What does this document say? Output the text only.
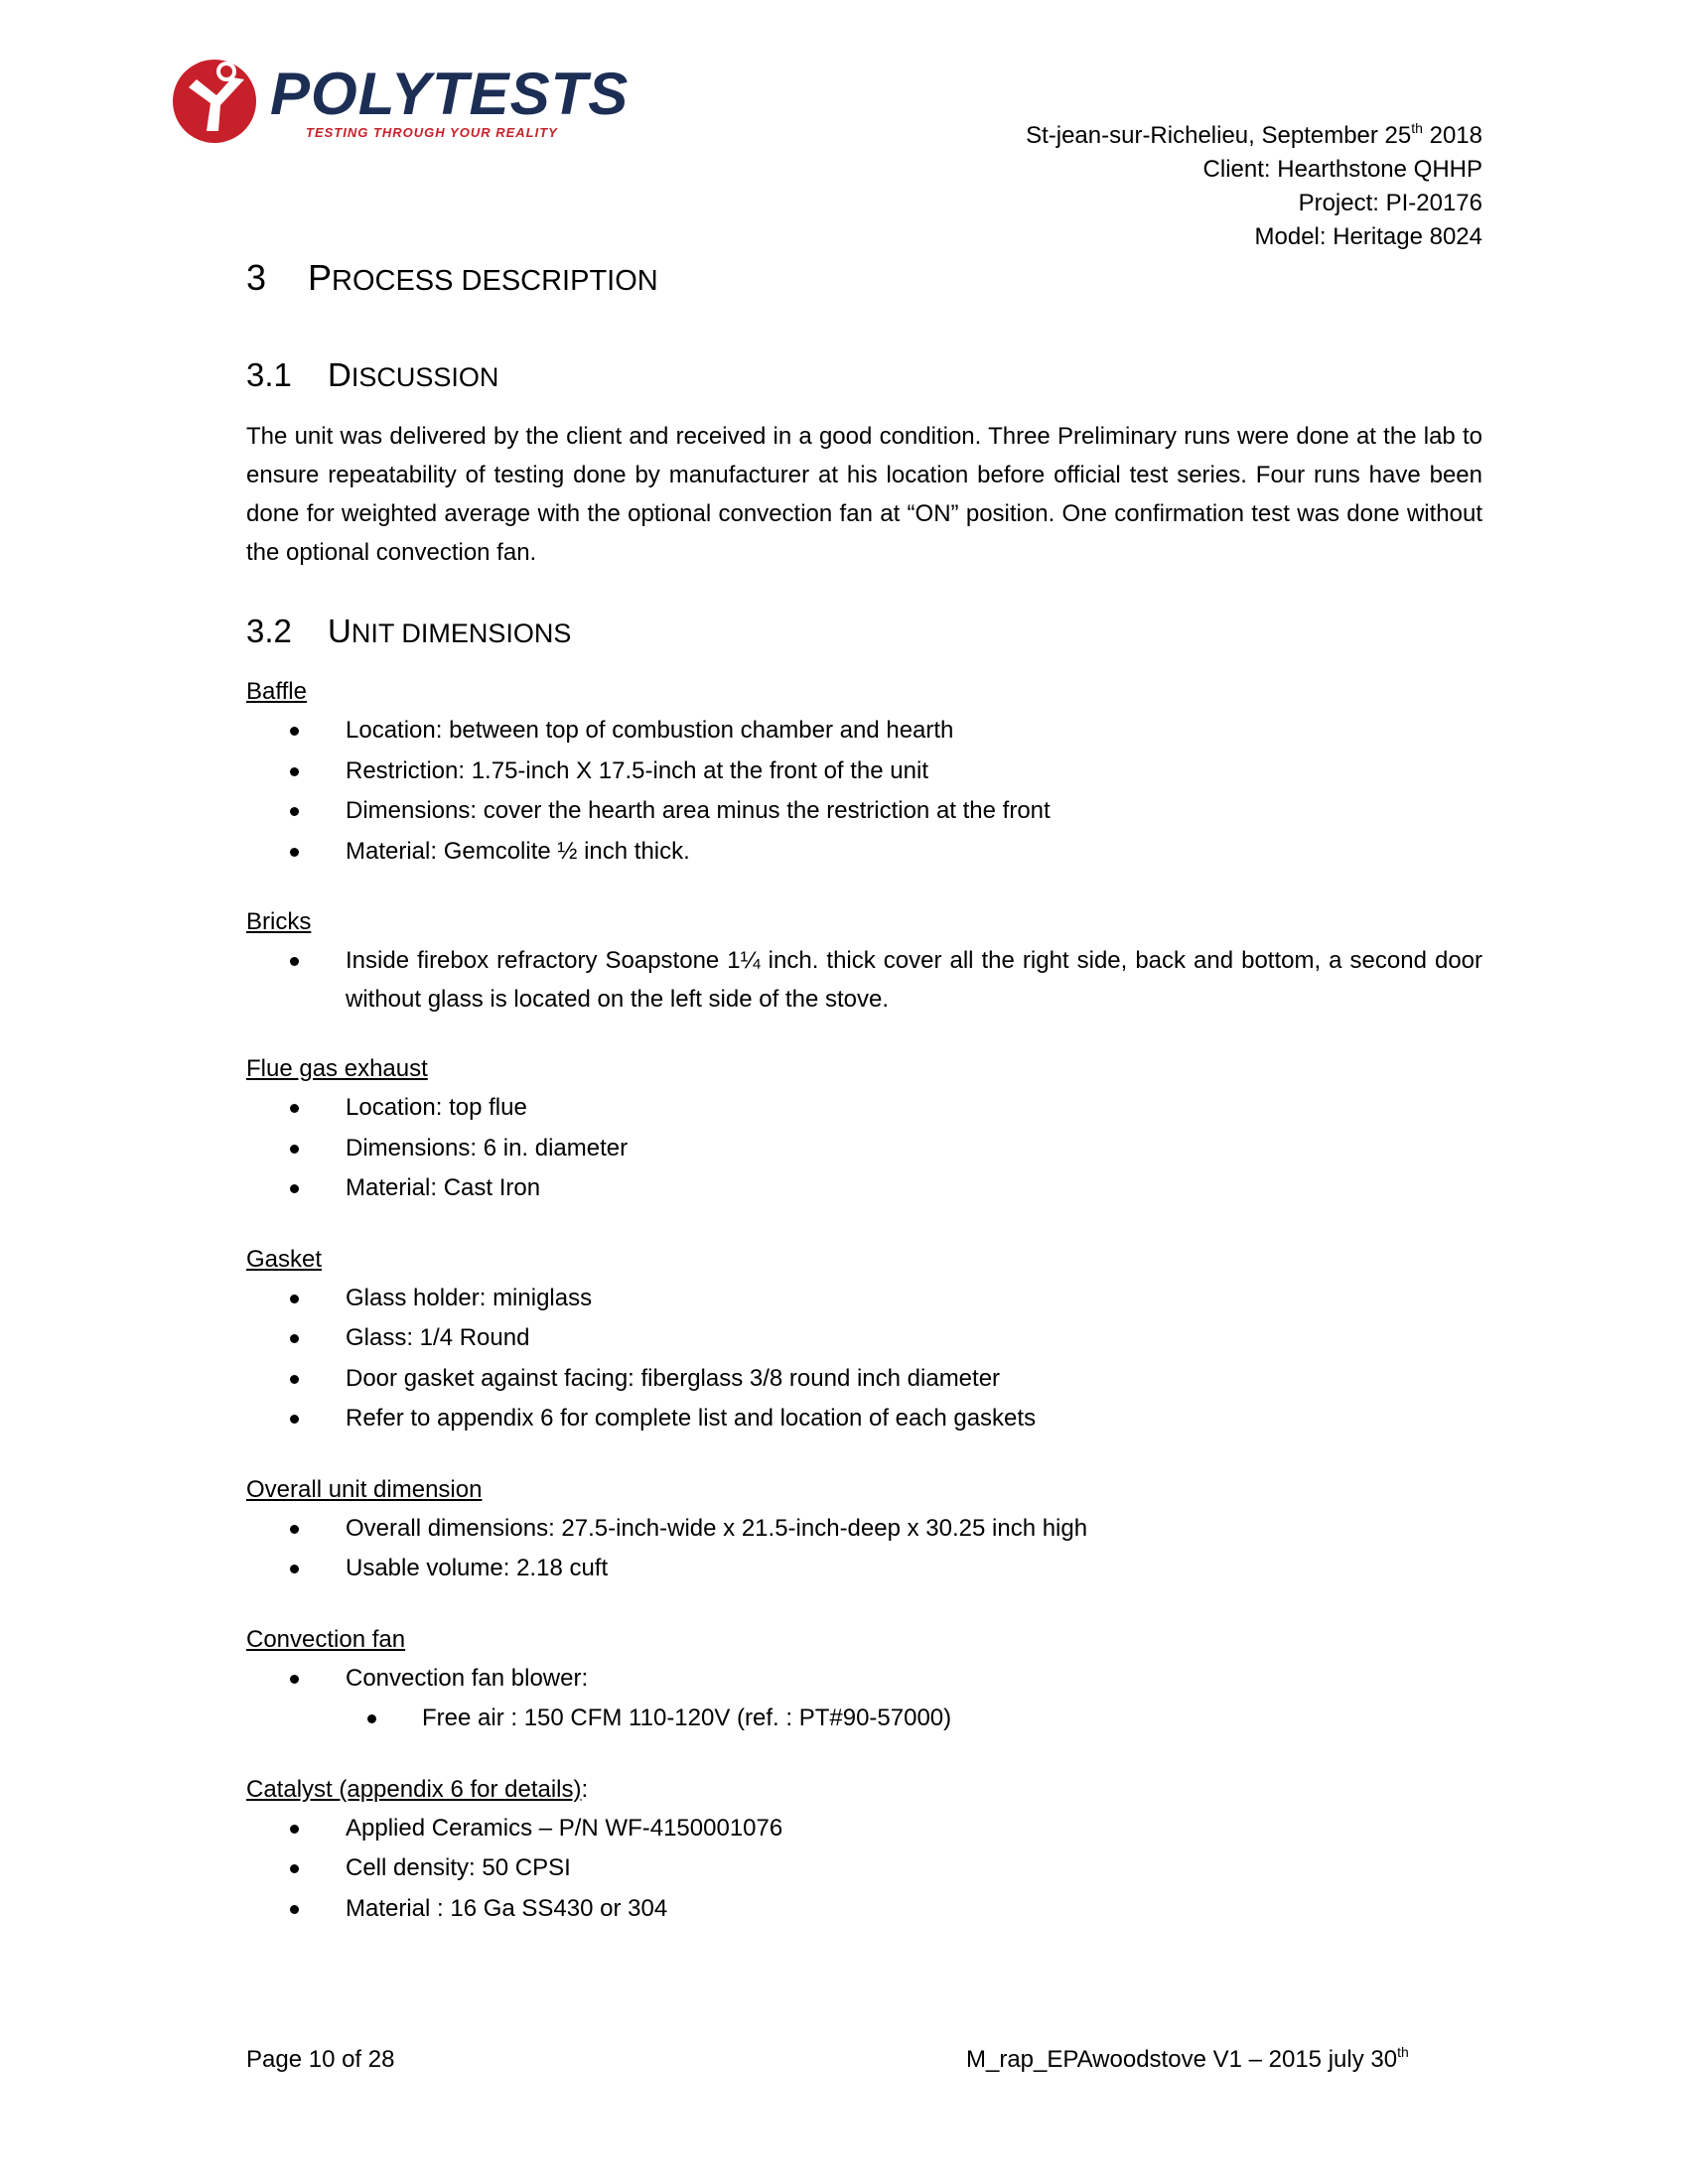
POLYTESTS
TESTING THROUGH YOUR REALITY	St-jean-sur-Richelieu, September 25th 2018
Client: Hearthstone QHHP
Project: PI-20176
Model: Heritage 8024
3 PROCESS DESCRIPTION
3.1 DISCUSSION

The unit was delivered by the client and received in a good condition. Three Preliminary runs were done at the lab to ensure repeatability of testing done by manufacturer at his location before official test series. Four runs have been done for weighted average with the optional convection fan at “ON” position. One confirmation test was done without the optional convection fan.

3.2 UNIT DIMENSIONS
Baffle
Location: between top of combustion chamber and hearth
Restriction: 1.75-inch X 17.5-inch at the front of the unit
Dimensions: cover the hearth area minus the restriction at the front
Material: Gemcolite ½ inch thick.
Bricks
Inside firebox refractory Soapstone 1¼ inch. thick cover all the right side, back and bottom, a second door without glass is located on the left side of the stove.
Flue gas exhaust
Location: top flue
Dimensions: 6 in. diameter
Material: Cast Iron
Gasket
Glass holder: miniglass
Glass: 1/4 Round
Door gasket against facing: fiberglass 3/8 round inch diameter
Refer to appendix 6 for complete list and location of each gaskets
Overall unit dimension
Overall dimensions: 27.5-inch-wide x 21.5-inch-deep x 30.25 inch high
Usable volume: 2.18 cuft
Convection fan
Convection fan blower:
Free air : 150 CFM 110-120V (ref. : PT#90-57000)
Catalyst (appendix 6 for details):
Applied Ceramics – P/N WF-4150001076
Cell density: 50 CPSI
Material : 16 Ga SS430 or 304
Page 10 of 28	M_rap_EPAwoodstove V1 – 2015 july 30th
